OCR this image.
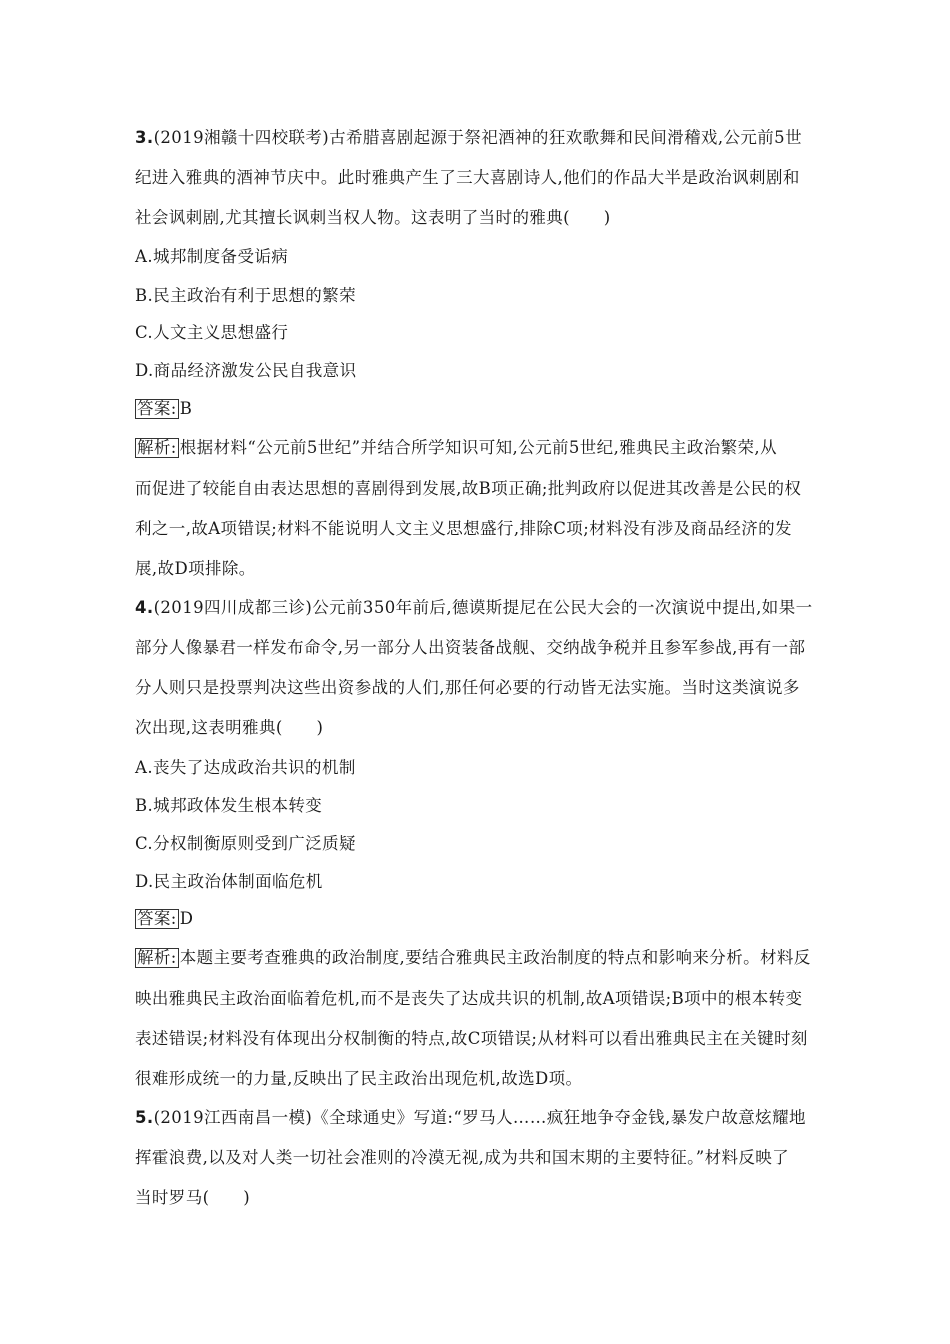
3.(2019湘赣十四校联考)古希腊喜剧起源于祭祀酒神的狂欢歌舞和民间滑稽戏,公元前5世
纪进入雅典的酒神节庆中。此时雅典产生了三大喜剧诗人,他们的作品大半是政治讽刺剧和
社会讽刺剧,尤其擅长讽刺当权人物。这表明了当时的雅典(　　)
A.城邦制度备受诟病
B.民主政治有利于思想的繁荣
C.人文主义思想盛行
D.商品经济激发公民自我意识
答案: B
解析: 根据材料“公元前5世纪”并结合所学知识可知,公元前5世纪,雅典民主政治繁荣,从
而促进了较能自由表达思想的喜剧得到发展,故B项正确;批判政府以促进其改善是公民的权
利之一,故A项错误;材料不能说明人文主义思想盛行,排除C项;材料没有涉及商品经济的发
展,故D项排除。
4.(2019四川成都三诊)公元前350年前后,德谟斯提尼在公民大会的一次演说中提出,如果一
部分人像暴君一样发布命令,另一部分人出资装备战舰、交纳战争税并且参军参战,再有一部
分人则只是投票判决这些出资参战的人们,那任何必要的行动皆无法实施。当时这类演说多
次出现,这表明雅典(　　)
A.丧失了达成政治共识的机制
B.城邦政体发生根本转变
C.分权制衡原则受到广泛质疑
D.民主政治体制面临危机
答案: D
解析: 本题主要考查雅典的政治制度,要结合雅典民主政治制度的特点和影响来分析。材料反
映出雅典民主政治面临着危机,而不是丧失了达成共识的机制,故A项错误;B项中的根本转变
表述错误;材料没有体现出分权制衡的特点,故C项错误;从材料可以看出雅典民主在关键时刻
很难形成统一的力量,反映出了民主政治出现危机,故选D项。
5.(2019江西南昌一模)《全球通史》写道:“罗马人……疯狂地争夺金钱,暴发户故意炫耀地
挥霍浪费,以及对人类一切社会准则的冷漠无视,成为共和国末期的主要特征。”材料反映了
当时罗马(　　)
